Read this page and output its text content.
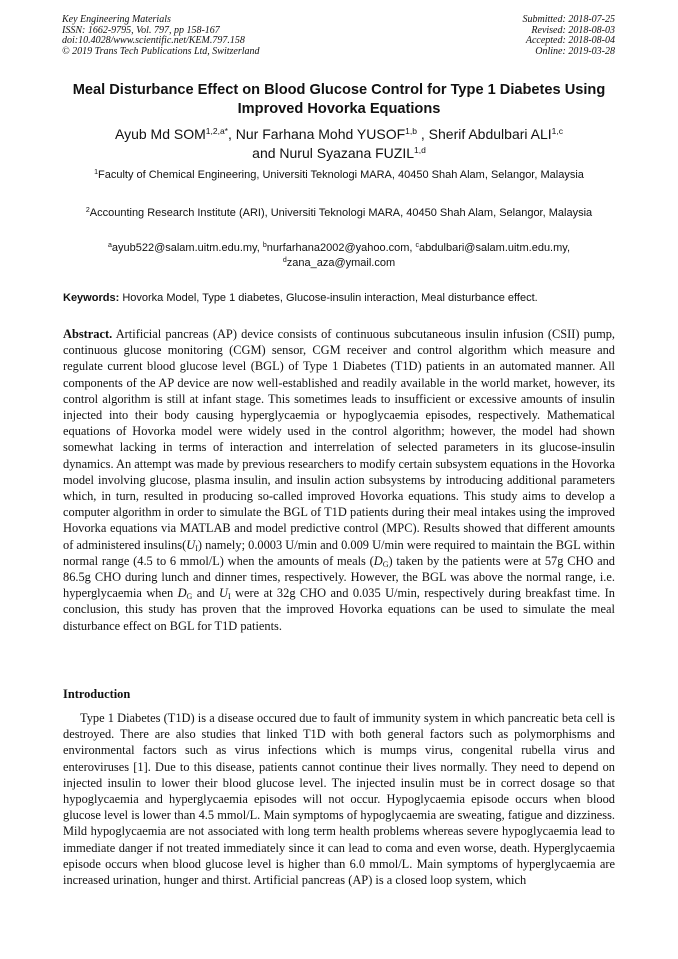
Key Engineering Materials
ISSN: 1662-9795, Vol. 797, pp 158-167
doi:10.4028/www.scientific.net/KEM.797.158
© 2019 Trans Tech Publications Ltd, Switzerland
Submitted: 2018-07-25
Revised: 2018-08-03
Accepted: 2018-08-04
Online: 2019-03-28
Meal Disturbance Effect on Blood Glucose Control for Type 1 Diabetes Using Improved Hovorka Equations
Ayub Md $SOM^{1,2,a*}$, Nur Farhana Mohd YUSOF$^{1,b}$ , Sherif Abdulbari ALI$^{1,c}$
and Nurul Syazana FUZIL$^{1,d}$
$^1$Faculty of Chemical Engineering, Universiti Teknologi MARA, 40450 Shah Alam, Selangor, Malaysia
$^2$Accounting Research Institute (ARI), Universiti Teknologi MARA, 40450 Shah Alam, Selangor, Malaysia
$^a$ayub522@salam.uitm.edu.my, $^b$nurfarhana2002@yahoo.com, $^c$abdulbari@salam.uitm.edu.my,
$^d$zana_aza@ymail.com
Keywords: Hovorka Model, Type 1 diabetes, Glucose-insulin interaction, Meal disturbance effect.

Abstract. Artificial pancreas (AP) device consists of continuous subcutaneous insulin infusion (CSII) pump, continuous glucose monitoring (CGM) sensor, CGM receiver and control algorithm which measure and regulate current blood glucose level (BGL) of Type 1 Diabetes (T1D) patients in an automated manner. All components of the AP device are now well-established and readily available in the world market, however, its control algorithm is still at infant stage. This sometimes leads to insufficient or excessive amounts of insulin injected into their body causing hyperglycaemia or hypoglycaemia episodes, respectively. Mathematical equations of Hovorka model were widely used in the control algorithm; however, the model had shown somewhat lacking in terms of interaction and interrelation of selected parameters in its glucose-insulin dynamics. An attempt was made by previous researchers to modify certain subsystem equations in the Hovorka model involving glucose, plasma insulin, and insulin action subsystems by introducing additional parameters which, in turn, resulted in producing so-called improved Hovorka equations. This study aims to develop a computer algorithm in order to simulate the BGL of T1D patients during their meal intakes using the improved Hovorka equations via MATLAB and model predictive control (MPC). Results showed that different amounts of administered $insulins(U_I)$ namely; 0.0003 U/min and 0.009 U/min were required to maintain the BGL within normal range (4.5 to 6 mmol/L) when the amounts of meals $(D_G)$ taken by the patients were at 57g CHO and 86.5g CHO during lunch and dinner times, respectively. However, the BGL was above the normal range, i.e. hyperglycaemia when $D_G$ and $U_I$ were at 32g CHO and 0.035 U/min, respectively during breakfast time. In conclusion, this study has proven that the improved Hovorka equations can be used to simulate the meal disturbance effect on BGL for T1D patients.

Introduction

Type 1 Diabetes (T1D) is a disease occured due to fault of immunity system in which pancreatic beta cell is destroyed. There are also studies that linked T1D with both general factors such as polymorphisms and environmental factors such as virus infections which is mumps virus, congenital rubella virus and enteroviruses [1]. Due to this disease, patients cannot continue their lives normally. They need to depend on injected insulin to lower their blood glucose level. The injected insulin must be in correct dosage so that hypoglycaemia and hyperglycaemia episodes will not occur. Hypoglycaemia episode occurs when blood glucose level is lower than 4.5 mmol/L. Main symptoms of hypoglycaemia are sweating, fatigue and dizziness. Mild hypoglycaemia are not associated with long term health problems whereas severe hypoglycaemia lead to immediate danger if not treated immediately since it can lead to coma and even worse, death. Hyperglycaemia episode occurs when blood glucose level is higher than 6.0 mmol/L. Main symptoms of hyperglycaemia are increased urination, hunger and thirst. Artificial pancreas (AP) is a closed loop system, which
